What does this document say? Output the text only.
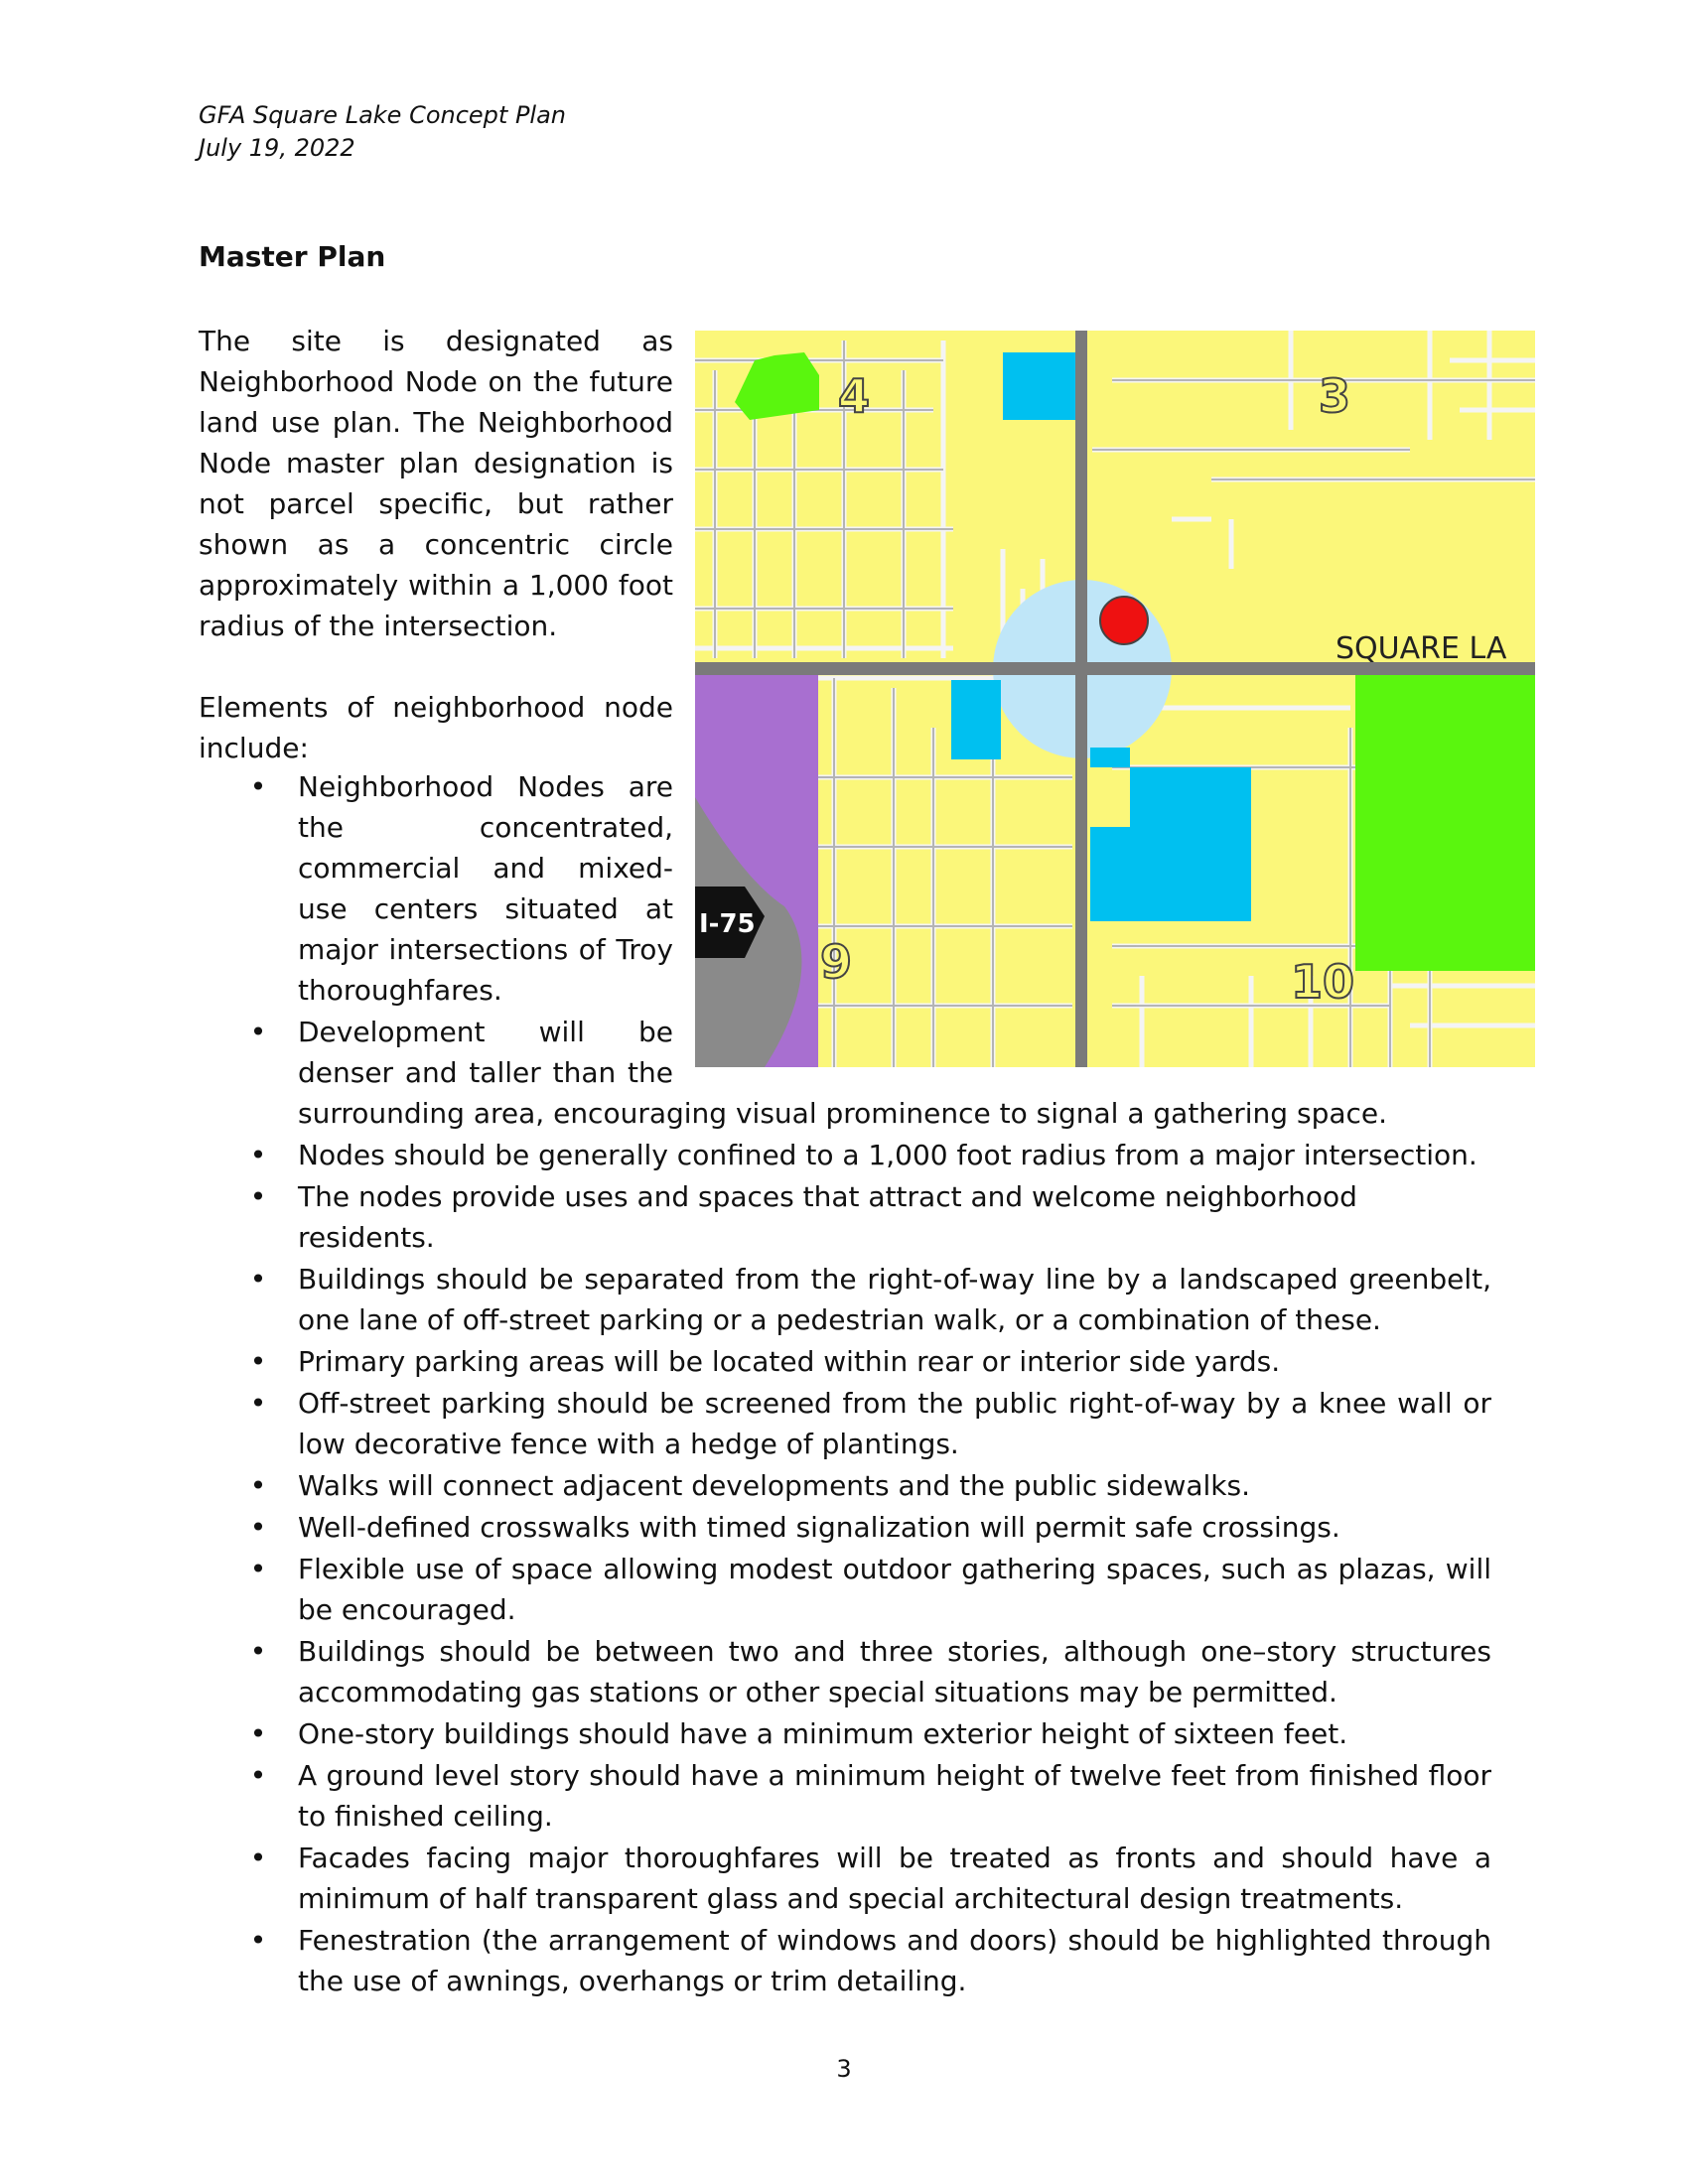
GFA Square Lake Concept Plan
July 19, 2022
Master Plan

The site is designated as Neighborhood Node on the future land use plan. The Neighborhood Node master plan designation is not parcel specific, but rather shown as a concentric circle approximately within a 1,000 foot radius of the intersection.

Elements of neighborhood node include:

4	3
9	10
SQUARE LA
I-75
• Neighborhood Nodes are the concentrated, commercial and mixed-use centers situated at major intersections of Troy thoroughfares.
• Development will be denser and taller than the
surrounding area, encouraging visual prominence to signal a gathering space.
• Nodes should be generally confined to a 1,000 foot radius from a major intersection.
• The nodes provide uses and spaces that attract and welcome neighborhood residents.
• Buildings should be separated from the right-of-way line by a landscaped greenbelt, one lane of off-street parking or a pedestrian walk, or a combination of these.
• Primary parking areas will be located within rear or interior side yards.
• Off-street parking should be screened from the public right-of-way by a knee wall or low decorative fence with a hedge of plantings.
• Walks will connect adjacent developments and the public sidewalks.
• Well-defined crosswalks with timed signalization will permit safe crossings.
• Flexible use of space allowing modest outdoor gathering spaces, such as plazas, will be encouraged.
• Buildings should be between two and three stories, although one–story structures accommodating gas stations or other special situations may be permitted.
• One-story buildings should have a minimum exterior height of sixteen feet.
• A ground level story should have a minimum height of twelve feet from finished floor to finished ceiling.
• Facades facing major thoroughfares will be treated as fronts and should have a minimum of half transparent glass and special architectural design treatments.
• Fenestration (the arrangement of windows and doors) should be highlighted through the use of awnings, overhangs or trim detailing.
3
